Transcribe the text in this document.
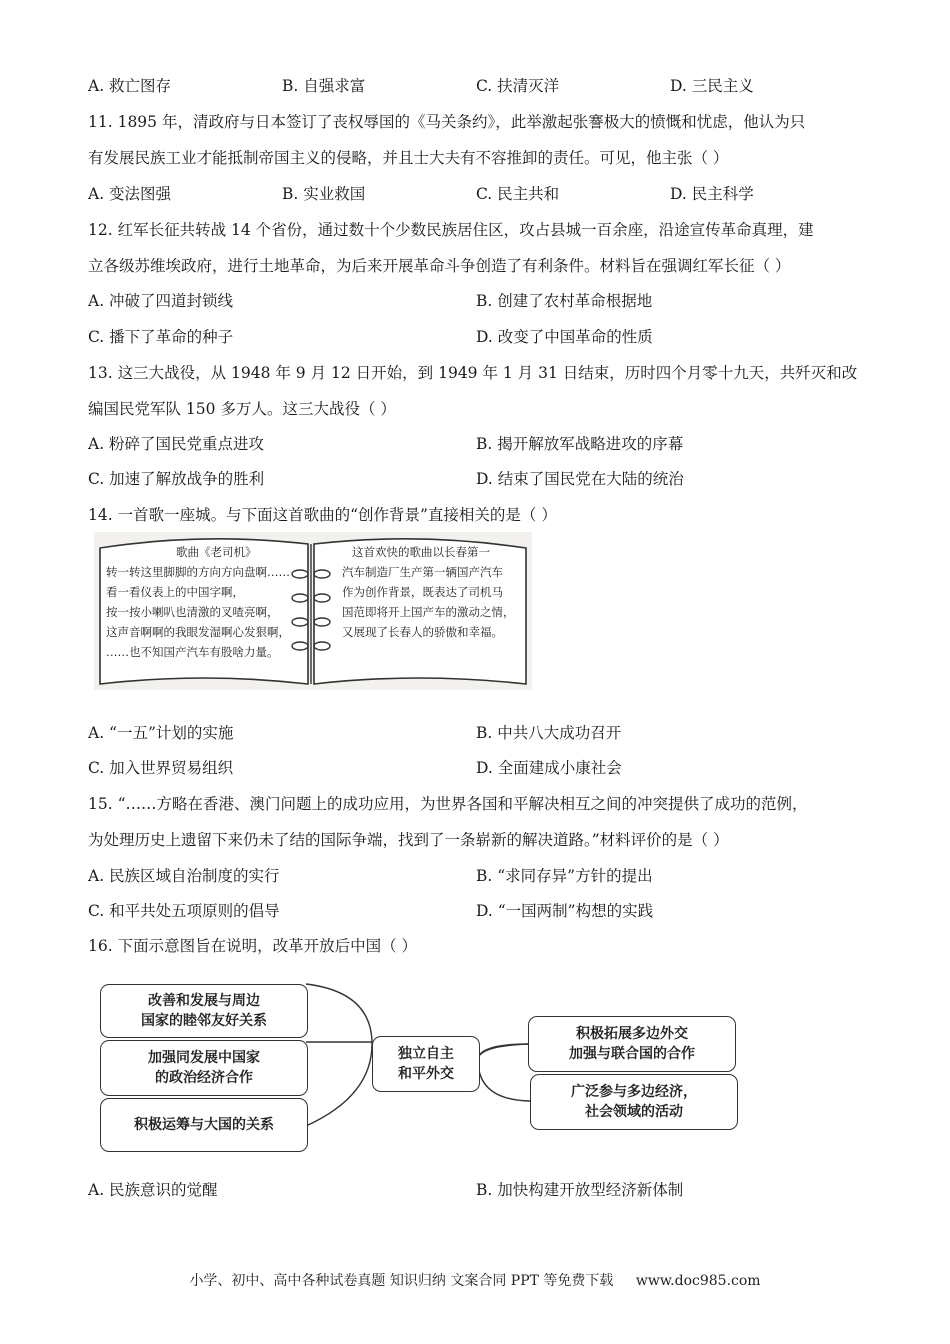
A. 救亡图存	B. 自强求富	C. 扶清灭洋	D. 三民主义
11. 1895 年，清政府与日本签订了丧权辱国的《马关条约》，此举激起张謇极大的愤慨和忧虑，他认为只
有发展民族工业才能抵制帝国主义的侵略，并且士大夫有不容推卸的责任。可见，他主张（ ）
A. 变法图强	B. 实业救国	C. 民主共和	D. 民主科学
12. 红军长征共转战 14 个省份，通过数十个少数民族居住区，攻占县城一百余座，沿途宣传革命真理，建
立各级苏维埃政府，进行土地革命，为后来开展革命斗争创造了有利条件。材料旨在强调红军长征（ ）
A. 冲破了四道封锁线	B. 创建了农村革命根据地
C. 播下了革命的种子	D. 改变了中国革命的性质
13. 这三大战役，从 1948 年 9 月 12 日开始，到 1949 年 1 月 31 日结束，历时四个月零十九天，共歼灭和改
编国民党军队 150 多万人。这三大战役（ ）
A. 粉碎了国民党重点进攻	B. 揭开解放军战略进攻的序幕
C. 加速了解放战争的胜利	D. 结束了国民党在大陆的统治
14. 一首歌一座城。与下面这首歌曲的“创作背景”直接相关的是（ ）
歌曲《老司机》
转一转这里脚脚的方向方向盘啊……
看一看仪表上的中国字啊，
按一按小喇叭也清激的叉喳亮啊，
这声音啊啊的我眼发湿啊心发狠啊，
……也不知国产汽车有股啥力量。
这首欢快的歌曲以长春第一
汽车制造厂生产第一辆国产汽车
作为创作背景，既表达了司机马
国范即将开上国产车的激动之情，
又展现了长春人的骄傲和幸福。
A. “一五”计划的实施	B. 中共八大成功召开
C. 加入世界贸易组织	D. 全面建成小康社会
15. “……方略在香港、澳门问题上的成功应用，为世界各国和平解决相互之间的冲突提供了成功的范例，
为处理历史上遗留下来仍未了结的国际争端，找到了一条崭新的解决道路。”材料评价的是（ ）
A. 民族区域自治制度的实行	B. “求同存异”方针的提出
C. 和平共处五项原则的倡导	D. “一国两制”构想的实践
16. 下面示意图旨在说明，改革开放后中国（ ）
改善和发展与周边
国家的睦邻友好关系
加强同发展中国家
的政治经济合作
积极运筹与大国的关系
独立自主
和平外交
积极拓展多边外交
加强与联合国的合作
广泛参与多边经济，
社会领域的活动
A. 民族意识的觉醒	B. 加快构建开放型经济新体制
小学、初中、高中各种试卷真题 知识归纳 文案合同 PPT 等免费下载 www.doc985.com
